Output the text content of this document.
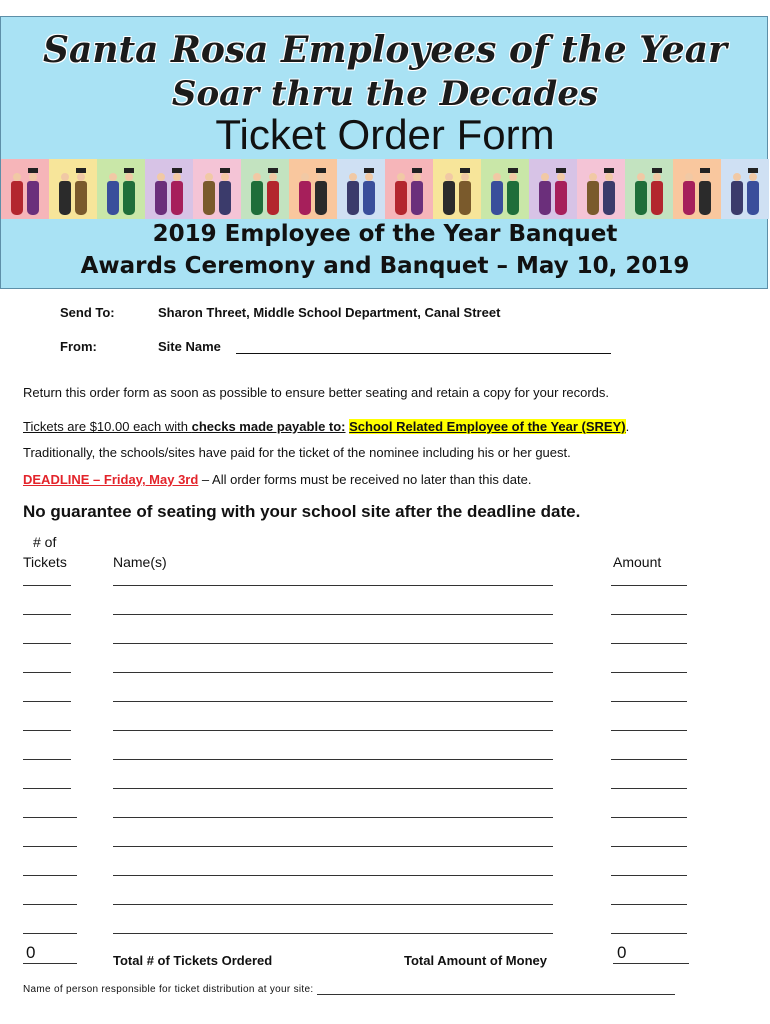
Santa Rosa Employees of the Year
Soar thru the Decades
Ticket Order Form
2019 Employee of the Year Banquet
Awards Ceremony and Banquet – May 10, 2019
Send To:	Sharon Threet, Middle School Department, Canal Street
From:	Site Name
Return this order form as soon as possible to ensure better seating and retain a copy for your records.
Tickets are $10.00 each with checks made payable to: School Related Employee of the Year (SREY).
Traditionally, the schools/sites have paid for the ticket of the nominee including his or her guest.
DEADLINE – Friday, May 3rd – All order forms must be received no later than this date.
No guarantee of seating with your school site after the deadline date.
# of
Tickets	Name(s)	Amount
0	Total # of Tickets Ordered	Total Amount of Money	0
Name of person responsible for ticket distribution at your site:
